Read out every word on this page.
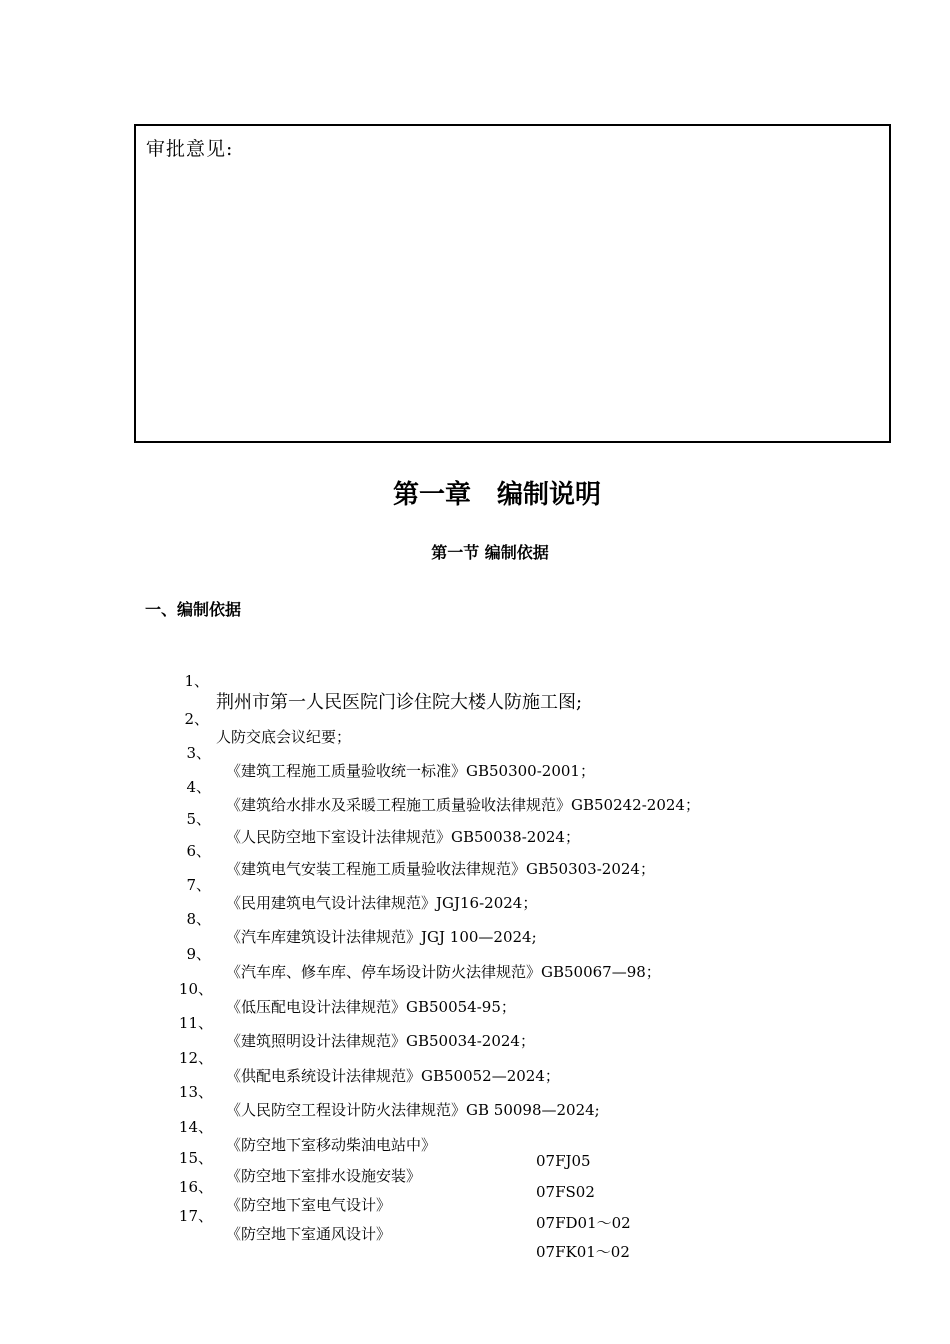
审批意见:
第一章　编制说明
第一节 编制依据
一、编制依据

1、

荆州市第一人民医院门诊住院大楼人防施工图;

2、

人防交底会议纪要；

3、

《建筑工程施工质量验收统一标准》GB50300-2001；

4、

《建筑给水排水及采暖工程施工质量验收法律规范》GB50242-2024；

5、

《人民防空地下室设计法律规范》GB50038-2024；

6、

《建筑电气安装工程施工质量验收法律规范》GB50303-2024；

7、

《民用建筑电气设计法律规范》JGJ16-2024；

8、

《汽车库建筑设计法律规范》JGJ 100—2024;

9、

《汽车库、修车库、停车场设计防火法律规范》GB50067—98；

10、

《低压配电设计法律规范》GB50054-95；

11、

《建筑照明设计法律规范》GB50034-2024；

12、

《供配电系统设计法律规范》GB50052—2024；

13、

《人民防空工程设计防火法律规范》GB 50098—2024;

14、

《防空地下室移动柴油电站中》

07FJ05

15、

《防空地下室排水设施安装》

07FS02

16、

《防空地下室电气设计》

07FD01～02

17、

《防空地下室通风设计》

07FK01～02
